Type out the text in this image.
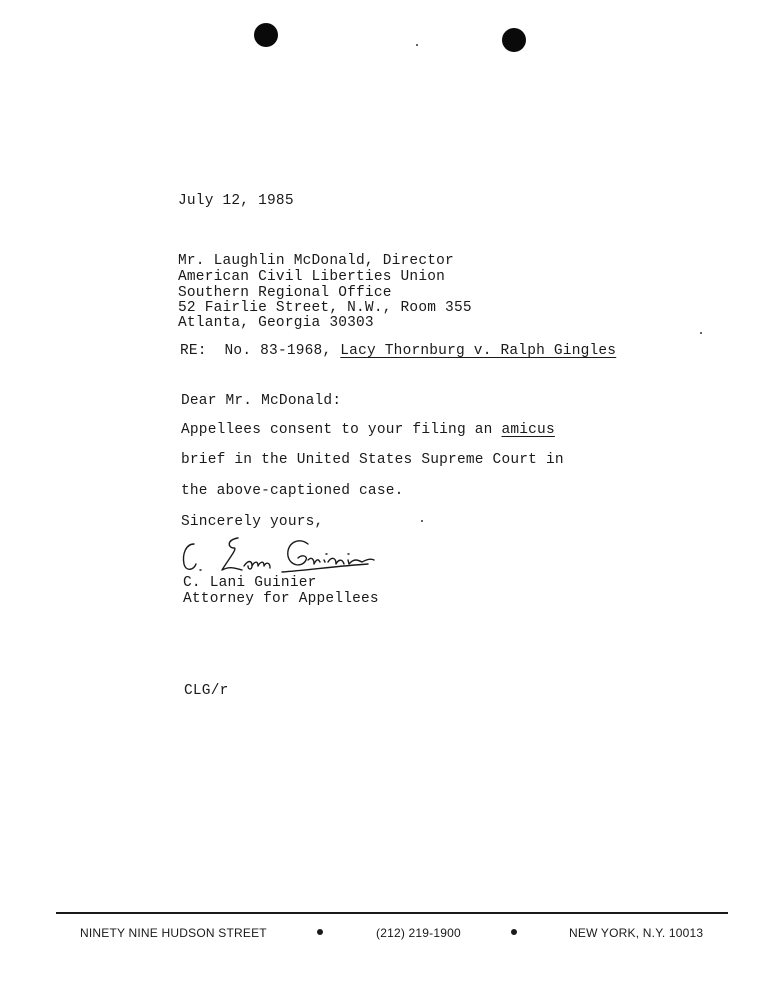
July 12, 1985
Mr. Laughlin McDonald, Director
American Civil Liberties Union
Southern Regional Office
52 Fairlie Street, N.W., Room 355
Atlanta, Georgia 30303
RE: No. 83-1968, Lacy Thornburg v. Ralph Gingles
Dear Mr. McDonald:
Appellees consent to your filing an amicus
brief in the United States Supreme Court in
the above-captioned case.
Sincerely yours,
C. Lani Guinier
Attorney for Appellees
CLG/r
NINETY NINE HUDSON STREET	(212) 219-1900	NEW YORK, N.Y. 10013
